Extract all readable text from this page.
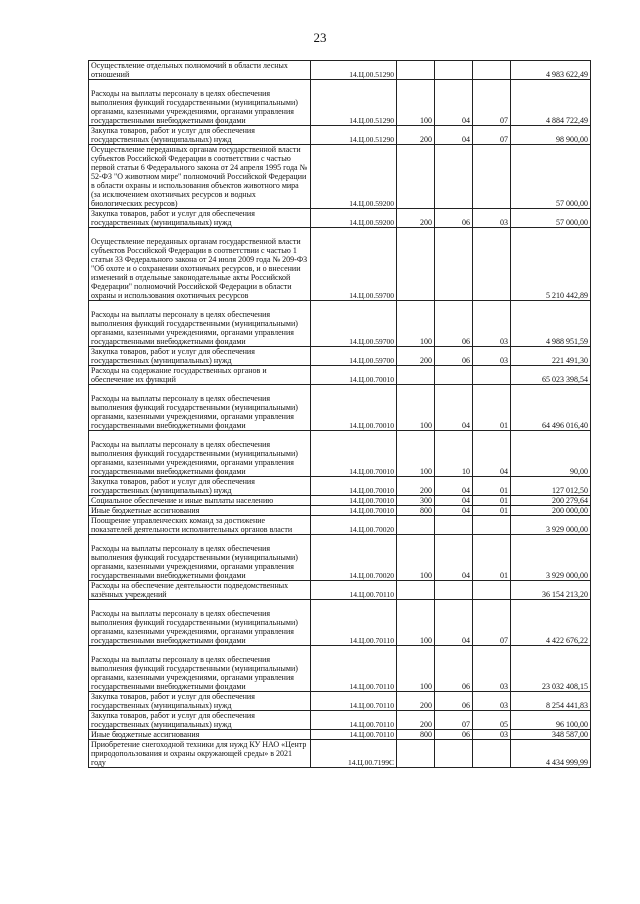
23
Осуществление отдельных полномочий в области лесных отношений	14.Ц.00.51290				4 983 622,49
Расходы на выплаты персоналу в целях обеспечения выполнения функций государственными (муниципальными) органами, казенными учреждениями, органами управления государственными внебюджетными фондами	14.Ц.00.51290	100	04	07	4 884 722,49
Закупка товаров, работ и услуг для обеспечения государственных (муниципальных) нужд	14.Ц.00.51290	200	04	07	98 900,00
Осуществление переданных органам государственной власти субъектов Российской Федерации в соответствии с частью первой статьи 6 Федерального закона от 24 апреля 1995 года № 52-ФЗ "О животном мире" полномочий Российской Федерации в области охраны и использования объектов животного мира (за исключением охотничьих ресурсов и водных биологических ресурсов)	14.Ц.00.59200				57 000,00
Закупка товаров, работ и услуг для обеспечения государственных (муниципальных) нужд	14.Ц.00.59200	200	06	03	57 000,00
Осуществление переданных органам государственной власти субъектов Российской Федерации в соответствии с частью 1 статьи 33 Федерального закона от 24 июля 2009 года № 209-ФЗ "Об охоте и о сохранении охотничьих ресурсов, и о внесении изменений в отдельные законодательные акты Российской Федерации" полномочий Российской Федерации в области охраны и использования охотничьих ресурсов	14.Ц.00.59700				5 210 442,89
Расходы на выплаты персоналу в целях обеспечения выполнения функций государственными (муниципальными) органами, казенными учреждениями, органами управления государственными внебюджетными фондами	14.Ц.00.59700	100	06	03	4 988 951,59
Закупка товаров, работ и услуг для обеспечения государственных (муниципальных) нужд	14.Ц.00.59700	200	06	03	221 491,30
Расходы на содержание государственных органов и обеспечение их функций	14.Ц.00.70010				65 023 398,54
Расходы на выплаты персоналу в целях обеспечения выполнения функций государственными (муниципальными) органами, казенными учреждениями, органами управления государственными внебюджетными фондами	14.Ц.00.70010	100	04	01	64 496 016,40
Расходы на выплаты персоналу в целях обеспечения выполнения функций государственными (муниципальными) органами, казенными учреждениями, органами управления государственными внебюджетными фондами	14.Ц.00.70010	100	10	04	90,00
Закупка товаров, работ и услуг для обеспечения государственных (муниципальных) нужд	14.Ц.00.70010	200	04	01	127 012,50
Социальное обеспечение и иные выплаты населению	14.Ц.00.70010	300	04	01	200 279,64
Иные бюджетные ассигнования	14.Ц.00.70010	800	04	01	200 000,00
Поощрение управленческих команд за достижение показателей деятельности исполнительных органов власти	14.Ц.00.70020				3 929 000,00
Расходы на выплаты персоналу в целях обеспечения выполнения функций государственными (муниципальными) органами, казенными учреждениями, органами управления государственными внебюджетными фондами	14.Ц.00.70020	100	04	01	3 929 000,00
Расходы на обеспечение деятельности подведомственных казённых учреждений	14.Ц.00.70110				36 154 213,20
Расходы на выплаты персоналу в целях обеспечения выполнения функций государственными (муниципальными) органами, казенными учреждениями, органами управления государственными внебюджетными фондами	14.Ц.00.70110	100	04	07	4 422 676,22
Расходы на выплаты персоналу в целях обеспечения выполнения функций государственными (муниципальными) органами, казенными учреждениями, органами управления государственными внебюджетными фондами	14.Ц.00.70110	100	06	03	23 032 408,15
Закупка товаров, работ и услуг для обеспечения государственных (муниципальных) нужд	14.Ц.00.70110	200	06	03	8 254 441,83
Закупка товаров, работ и услуг для обеспечения государственных (муниципальных) нужд	14.Ц.00.70110	200	07	05	96 100,00
Иные бюджетные ассигнования	14.Ц.00.70110	800	06	03	348 587,00
Приобретение снегоходной техники для нужд КУ НАО «Центр природопользования и охраны окружающей среды» в 2021 году	14.Ц.00.7199С				4 434 999,99
